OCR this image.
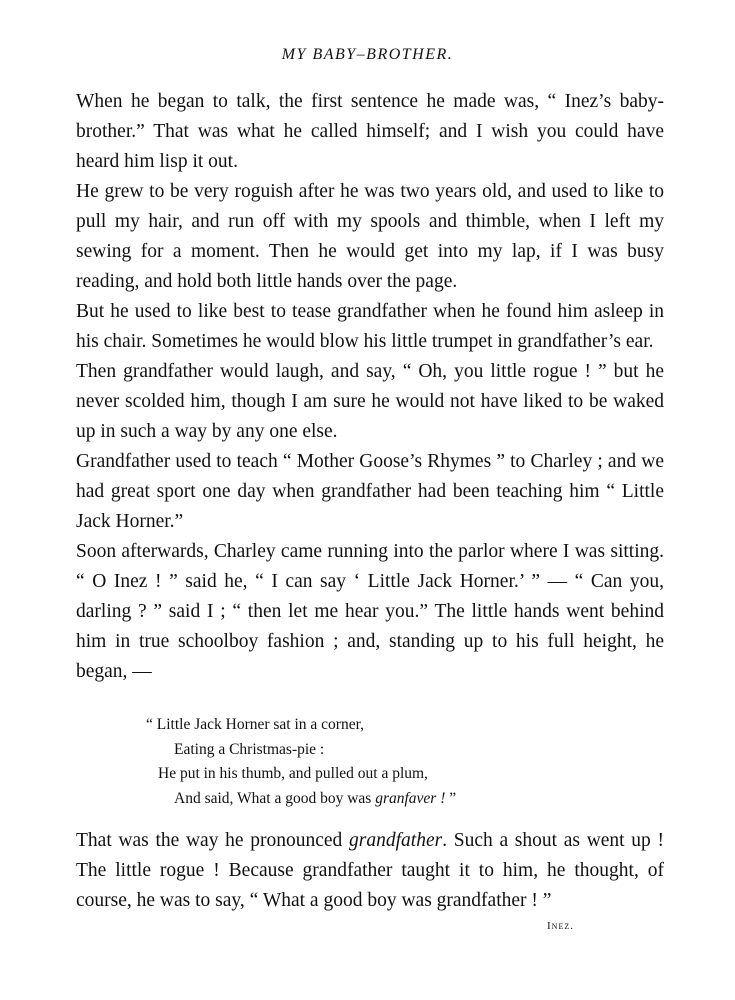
MY BABY–BROTHER.

When he began to talk, the first sentence he made was, “ Inez’s baby-brother.” That was what he called himself; and I wish you could have heard him lisp it out.

He grew to be very roguish after he was two years old, and used to like to pull my hair, and run off with my spools and thimble, when I left my sewing for a moment. Then he would get into my lap, if I was busy reading, and hold both little hands over the page.

But he used to like best to tease grandfather when he found him asleep in his chair. Sometimes he would blow his little trumpet in grandfather’s ear.

Then grandfather would laugh, and say, “ Oh, you little rogue ! ” but he never scolded him, though I am sure he would not have liked to be waked up in such a way by any one else.

Grandfather used to teach “ Mother Goose’s Rhymes ” to Charley ; and we had great sport one day when grandfather had been teaching him “ Little Jack Horner.”

Soon afterwards, Charley came running into the parlor where I was sitting. “ O Inez ! ” said he, “ I can say ‘ Little Jack Horner.’ ” — “ Can you, darling ? ” said I ; “ then let me hear you.” The little hands went behind him in true schoolboy fashion ; and, standing up to his full height, he began, —

“ Little Jack Horner sat in a corner,
Eating a Christmas-pie :
He put in his thumb, and pulled out a plum,
And said, What a good boy was granfaver ! ”

That was the way he pronounced grandfather. Such a shout as went up ! The little rogue ! Because grandfather taught it to him, he thought, of course, he was to say, “ What a good boy was grandfather ! ”

Inez.
